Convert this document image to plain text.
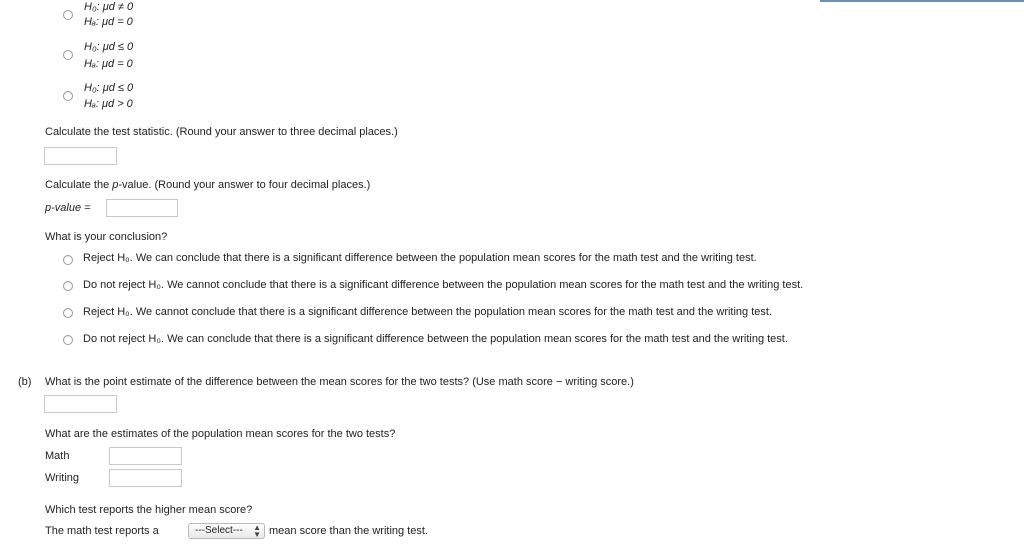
H₀: μd ≠ 0
Hₐ: μd = 0
H₀: μd ≤ 0
Hₐ: μd = 0
H₀: μd ≤ 0
Hₐ: μd > 0
Calculate the test statistic. (Round your answer to three decimal places.)
Calculate the p-value. (Round your answer to four decimal places.)
p-value =
What is your conclusion?
Reject H₀. We can conclude that there is a significant difference between the population mean scores for the math test and the writing test.
Do not reject H₀. We cannot conclude that there is a significant difference between the population mean scores for the math test and the writing test.
Reject H₀. We cannot conclude that there is a significant difference between the population mean scores for the math test and the writing test.
Do not reject H₀. We can conclude that there is a significant difference between the population mean scores for the math test and the writing test.
(b) What is the point estimate of the difference between the mean scores for the two tests? (Use math score − writing score.)
What are the estimates of the population mean scores for the two tests?
Math
Writing
Which test reports the higher mean score?
The math test reports a	---Select--- ▲
▼ mean score than the writing test.
